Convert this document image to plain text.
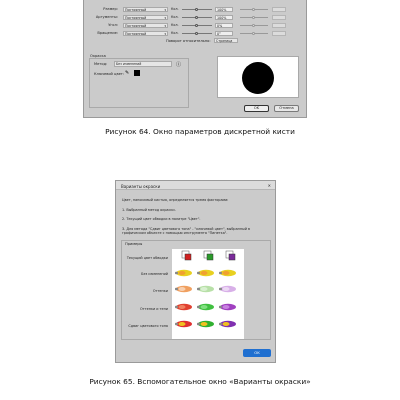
Размер:	Постоянный	▾ Кол.	100%
Аргументы:	Постоянный	▾ Кол.	100%
Угол:	Постоянный	▾ Кол.	0%
Вращение:	Постоянный	▾ Кол.	0°
Поворот относительно:	Страница
Окраска
Метод:	Без изменений	ⓘ
Ключевой цвет: ✎
OK	Отмена
Рисунок 64. Окно параметров дискретной кисти
Варианты окраски	✕
Цвет, наносимый кистью, определяется тремя факторами:
1. Выбранный метод окраски.
2. Текущий цвет обводки в палитре "Цвет".
3. Для метода "Сдвиг цветового тона" - "ключевой цвет", выбранный в графическом объекте с помощью инструмента "Пипетка".
Примеры
Текущий цвет обводки
Без изменений
Оттенки
Оттенки и тени
Сдвиг цветового тона
OK
Рисунок 65. Вспомогательное окно «Варианты окраски»
